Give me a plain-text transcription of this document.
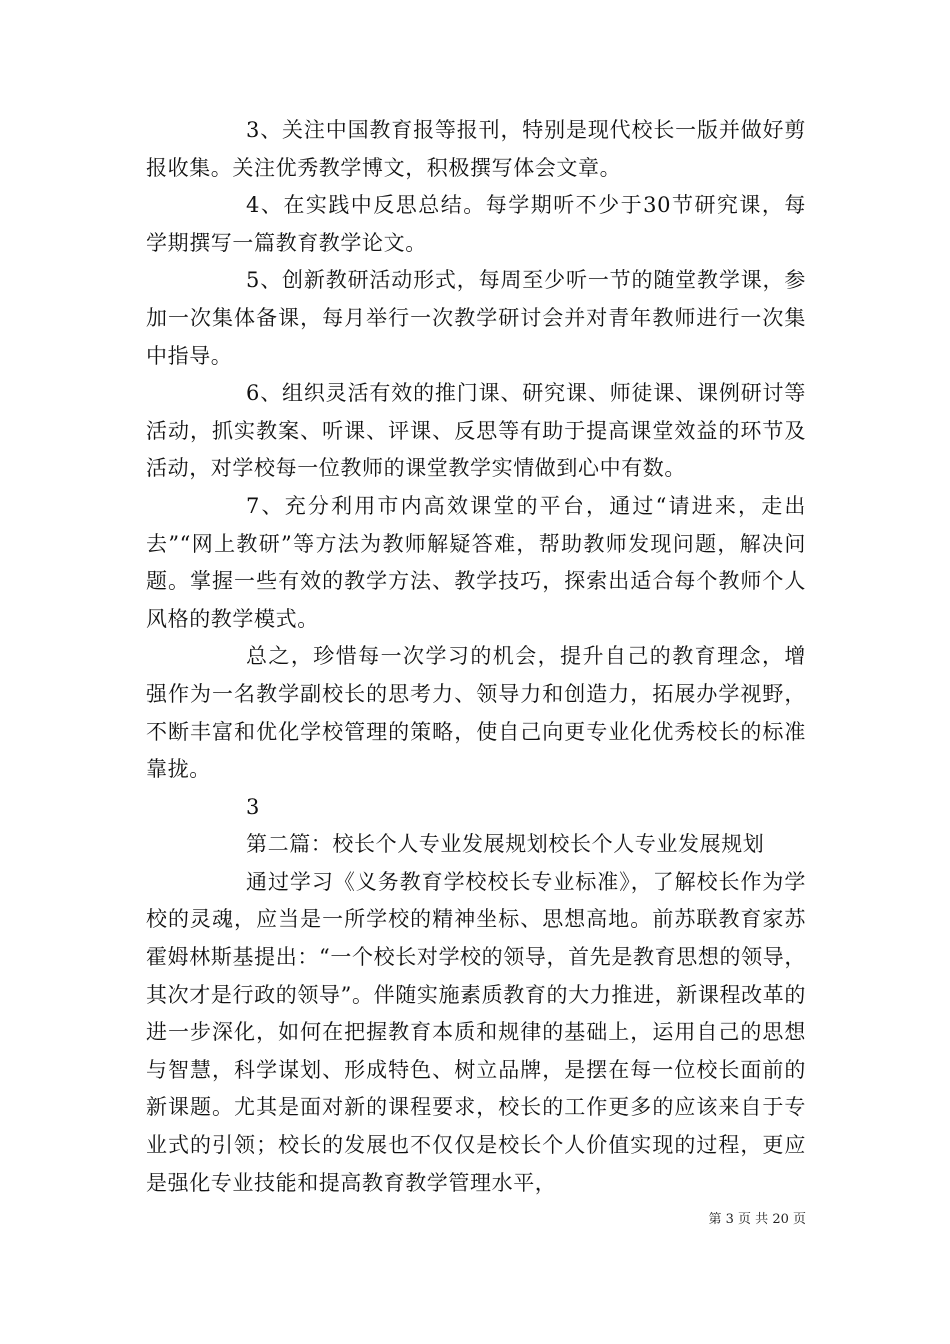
3、关注中国教育报等报刊，特别是现代校长一版并做好剪报收集。关注优秀教学博文，积极撰写体会文章。

4、在实践中反思总结。每学期听不少于30节研究课，每学期撰写一篇教育教学论文。

5、创新教研活动形式，每周至少听一节的随堂教学课，参加一次集体备课，每月举行一次教学研讨会并对青年教师进行一次集中指导。

6、组织灵活有效的推门课、研究课、师徒课、课例研讨等活动，抓实教案、听课、评课、反思等有助于提高课堂效益的环节及活动，对学校每一位教师的课堂教学实情做到心中有数。

7、充分利用市内高效课堂的平台，通过“请进来，走出去”“网上教研”等方法为教师解疑答难，帮助教师发现问题，解决问题。掌握一些有效的教学方法、教学技巧，探索出适合每个教师个人风格的教学模式。

总之，珍惜每一次学习的机会，提升自己的教育理念，增强作为一名教学副校长的思考力、领导力和创造力，拓展办学视野，不断丰富和优化学校管理的策略，使自己向更专业化优秀校长的标准靠拢。

3

第二篇：校长个人专业发展规划校长个人专业发展规划

通过学习《义务教育学校校长专业标准》，了解校长作为学校的灵魂，应当是一所学校的精神坐标、思想高地。前苏联教育家苏霍姆林斯基提出：“一个校长对学校的领导，首先是教育思想的领导，其次才是行政的领导”。伴随实施素质教育的大力推进，新课程改革的进一步深化，如何在把握教育本质和规律的基础上，运用自己的思想与智慧，科学谋划、形成特色、树立品牌，是摆在每一位校长面前的新课题。尤其是面对新的课程要求，校长的工作更多的应该来自于专业式的引领；校长的发展也不仅仅是校长个人价值实现的过程，更应是强化专业技能和提高教育教学管理水平，

第 3 页 共 20 页
